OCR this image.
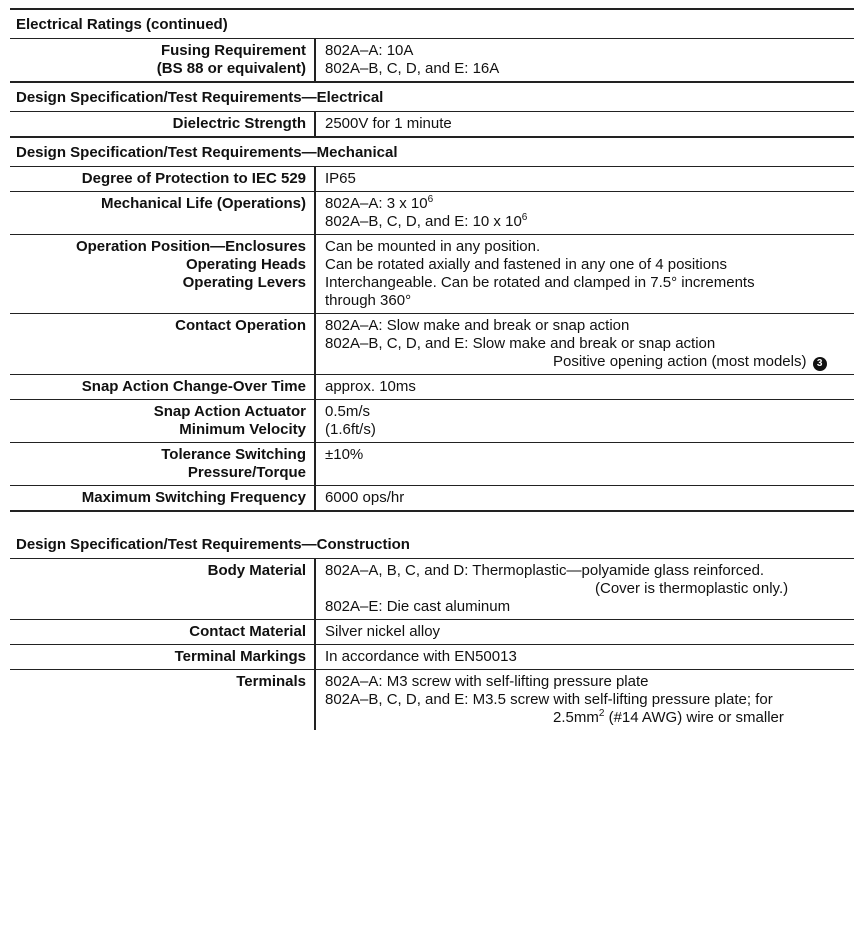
Electrical Ratings (continued)
Fusing Requirement
(BS 88 or equivalent)
802A–A: 10A
802A–B, C, D, and E: 16A
Design Specification/Test Requirements—Electrical
Dielectric Strength 2500V for 1 minute
Design Specification/Test Requirements—Mechanical
Degree of Protection to IEC 529 IP65
Mechanical Life (Operations) 802A–A: 3 x $10^6$
802A–B, C, D, and E: 10 x $10^6$
Operation Position—Enclosures
Operating Heads
Operating Levers
Can be mounted in any position.
Can be rotated axially and fastened in any one of 4 positions
Interchangeable. Can be rotated and clamped in 7.5° increments
through 360°
Contact Operation 802A–A: Slow make and break or snap action
802A–B, C, D, and E: Slow make and break or snap action
Positive opening action (most models) 3
Snap Action Change-Over Time approx. 10ms
Snap Action Actuator
Minimum Velocity
0.5m/s
(1.6ft/s)
Tolerance Switching
Pressure/Torque
±10%
Maximum Switching Frequency 6000 ops/hr
Design Specification/Test Requirements—Construction
Body Material 802A–A, B, C, and D: Thermoplastic—polyamide glass reinforced.
(Cover is thermoplastic only.)
802A–E: Die cast aluminum
Contact Material Silver nickel alloy
Terminal Markings In accordance with EN50013
Terminals 802A–A: M3 screw with self-lifting pressure plate
802A–B, C, D, and E: M3.5 screw with self-lifting pressure plate; for
$2.5mm^2$ (#14 AWG) wire or smaller
